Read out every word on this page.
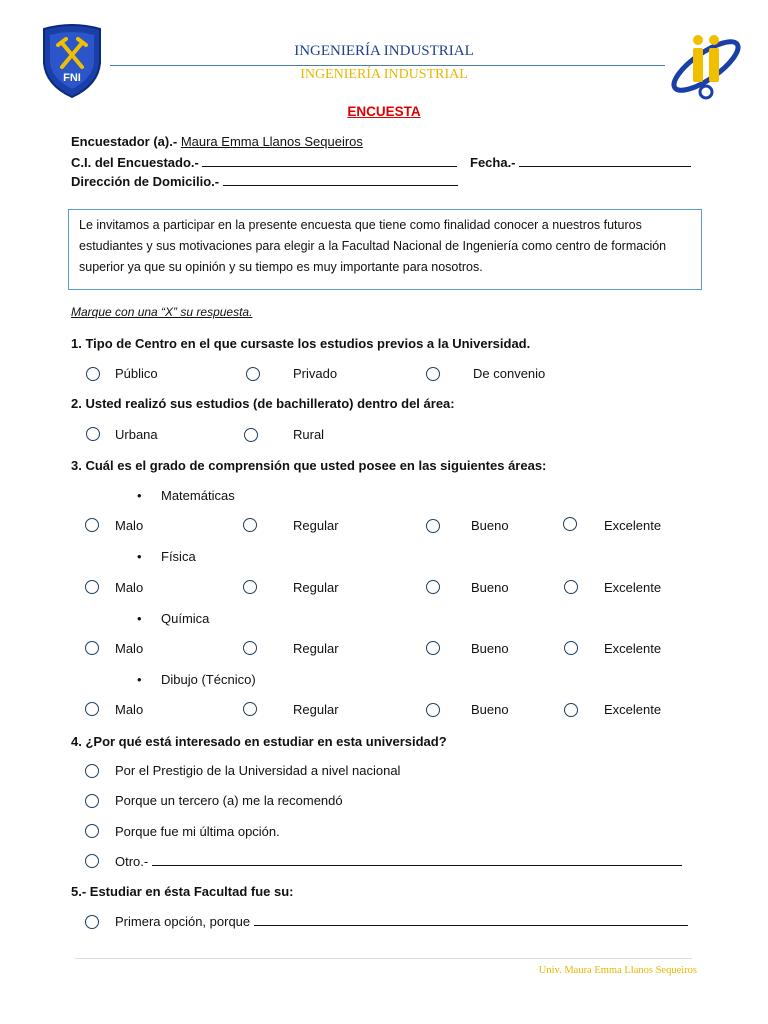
FNI
INGENIERÍA INDUSTRIAL
INGENIERÍA INDUSTRIAL
ENCUESTA
Encuestador (a).- Maura Emma Llanos Sequeiros
C.I. del Encuestado.-	Fecha.-
Dirección de Domicilio.-
Le invitamos a participar en la presente encuesta que tiene como finalidad conocer a nuestros futuros estudiantes y sus motivaciones para elegir a la Facultad Nacional de Ingeniería como centro de formación superior ya que su opinión y su tiempo es muy importante para nosotros.
Marque con una “X” su respuesta.
1. Tipo de Centro en el que cursaste los estudios previos a la Universidad.
Público	Privado	De convenio
2. Usted realizó sus estudios (de bachillerato) dentro del área:
Urbana	Rural
3. Cuál es el grado de comprensión que usted posee en las siguientes áreas:
• Matemáticas
Malo	Regular	Bueno	Excelente
• Física
Malo	Regular	Bueno	Excelente
• Química
Malo	Regular	Bueno	Excelente
• Dibujo (Técnico)
Malo	Regular	Bueno	Excelente
4. ¿Por qué está interesado en estudiar en esta universidad?
Por el Prestigio de la Universidad a nivel nacional
Porque un tercero (a) me la recomendó
Porque fue mi última opción.
Otro.-
5.- Estudiar en ésta Facultad fue su:
Primera opción, porque
Univ. Maura Emma Llanos Sequeiros
